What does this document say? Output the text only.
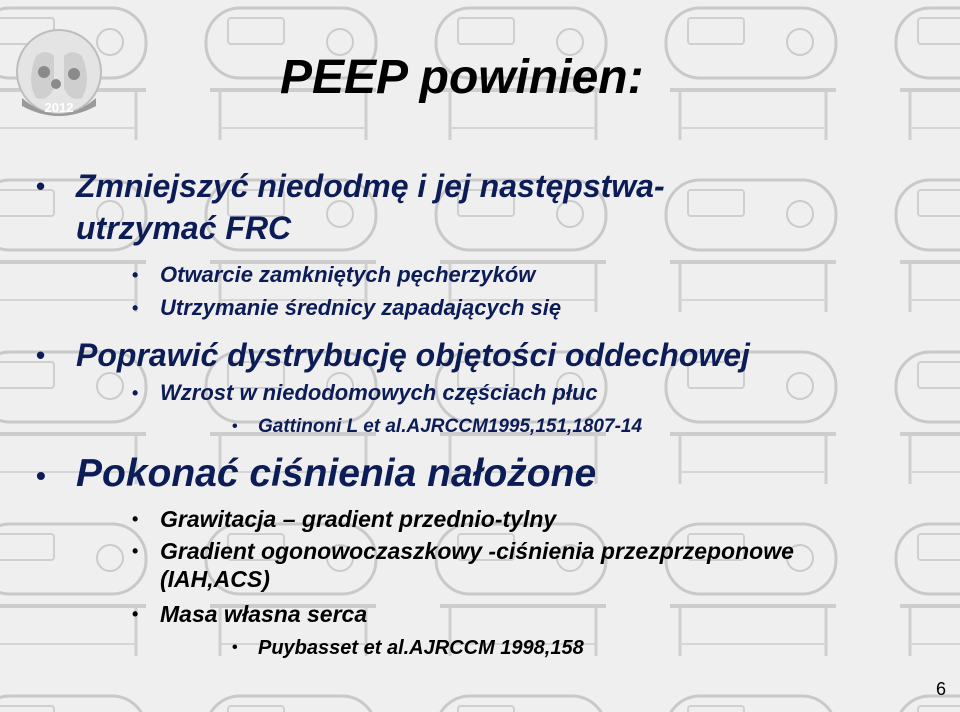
2012
PEEP powinien:
• Zmniejszyć niedodmę i jej następstwa-
utrzymać FRC
• Otwarcie zamkniętych pęcherzyków
• Utrzymanie średnicy zapadających się
• Poprawić dystrybucję objętości oddechowej
• Wzrost w niedodomowych częściach płuc
• Gattinoni L et al.AJRCCM1995,151,1807-14
• Pokonać ciśnienia nałożone
• Grawitacja – gradient przednio-tylny
• Gradient ogonowoczaszkowy -ciśnienia przezprzeponowe
(IAH,ACS)
• Masa własna serca
• Puybasset et al.AJRCCM 1998,158
6
